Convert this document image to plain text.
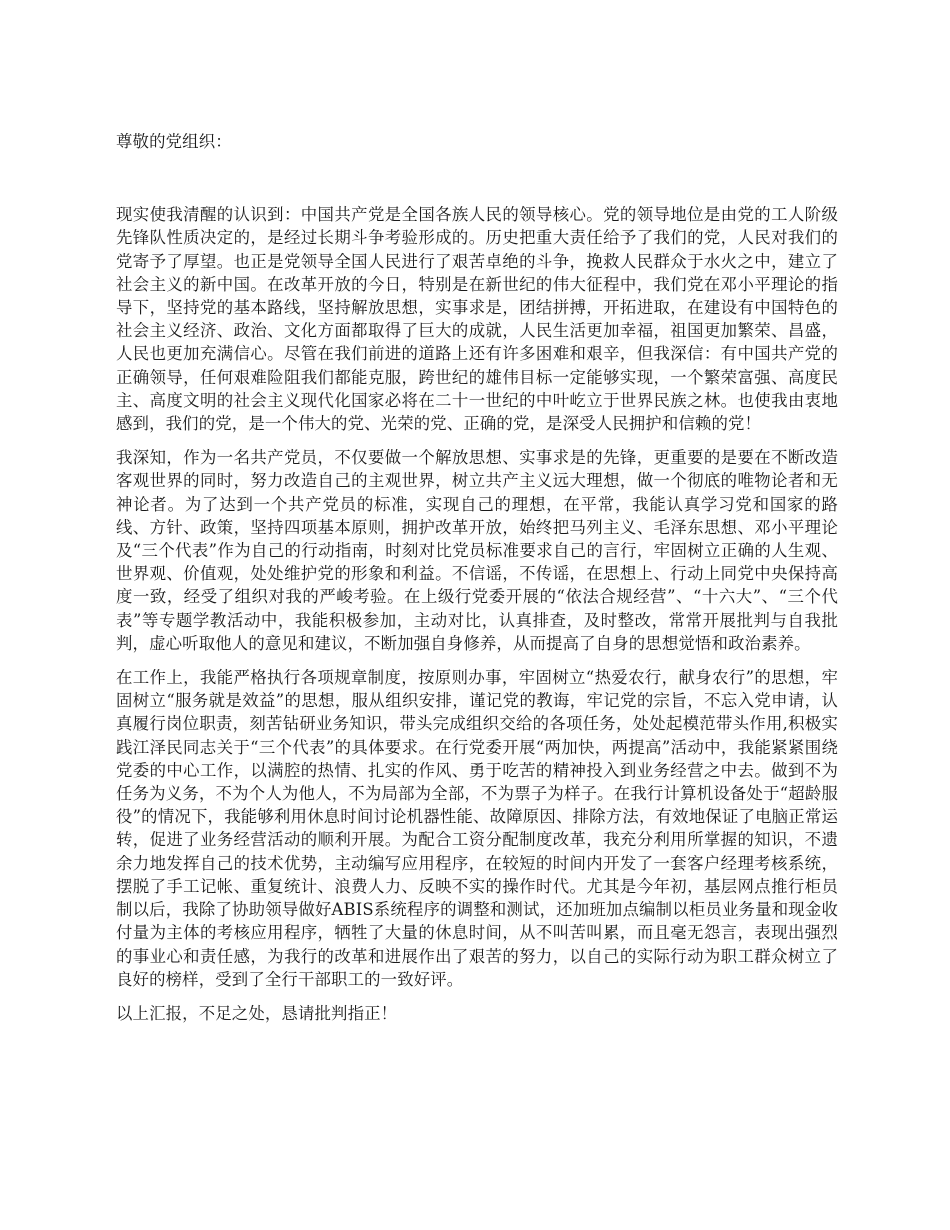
尊敬的党组织：

现实使我清醒的认识到：中国共产党是全国各族人民的领导核心。党的领导地位是由党的工人阶级先锋队性质决定的，是经过长期斗争考验形成的。历史把重大责任给予了我们的党，人民对我们的党寄予了厚望。也正是党领导全国人民进行了艰苦卓绝的斗争，挽救人民群众于水火之中，建立了社会主义的新中国。在改革开放的今日，特别是在新世纪的伟大征程中，我们党在邓小平理论的指导下，坚持党的基本路线，坚持解放思想，实事求是，团结拼搏，开拓进取，在建设有中国特色的社会主义经济、政治、文化方面都取得了巨大的成就，人民生活更加幸福，祖国更加繁荣、昌盛，人民也更加充满信心。尽管在我们前进的道路上还有许多困难和艰辛，但我深信：有中国共产党的正确领导，任何艰难险阻我们都能克服，跨世纪的雄伟目标一定能够实现，一个繁荣富强、高度民主、高度文明的社会主义现代化国家必将在二十一世纪的中叶屹立于世界民族之林。也使我由衷地感到，我们的党，是一个伟大的党、光荣的党、正确的党，是深受人民拥护和信赖的党！

我深知，作为一名共产党员，不仅要做一个解放思想、实事求是的先锋，更重要的是要在不断改造客观世界的同时，努力改造自己的主观世界，树立共产主义远大理想，做一个彻底的唯物论者和无神论者。为了达到一个共产党员的标准，实现自己的理想，在平常，我能认真学习党和国家的路线、方针、政策，坚持四项基本原则，拥护改革开放，始终把马列主义、毛泽东思想、邓小平理论及“三个代表”作为自己的行动指南，时刻对比党员标准要求自己的言行，牢固树立正确的人生观、世界观、价值观，处处维护党的形象和利益。不信谣，不传谣，在思想上、行动上同党中央保持高度一致，经受了组织对我的严峻考验。在上级行党委开展的“依法合规经营”、“十六大”、“三个代表”等专题学教活动中，我能积极参加，主动对比，认真排查，及时整改，常常开展批判与自我批判，虚心听取他人的意见和建议，不断加强自身修养，从而提高了自身的思想觉悟和政治素养。

在工作上，我能严格执行各项规章制度，按原则办事，牢固树立“热爱农行，献身农行”的思想，牢固树立“服务就是效益”的思想，服从组织安排，谨记党的教诲，牢记党的宗旨，不忘入党申请，认真履行岗位职责，刻苦钻研业务知识，带头完成组织交给的各项任务，处处起模范带头作用,积极实践江泽民同志关于“三个代表”的具体要求。在行党委开展“两加快，两提高”活动中，我能紧紧围绕党委的中心工作，以满腔的热情、扎实的作风、勇于吃苦的精神投入到业务经营之中去。做到不为任务为义务，不为个人为他人，不为局部为全部，不为票子为样子。在我行计算机设备处于“超龄服役”的情况下，我能够利用休息时间讨论机器性能、故障原因、排除方法，有效地保证了电脑正常运转，促进了业务经营活动的顺利开展。为配合工资分配制度改革，我充分利用所掌握的知识，不遗余力地发挥自己的技术优势，主动编写应用程序，在较短的时间内开发了一套客户经理考核系统，摆脱了手工记帐、重复统计、浪费人力、反映不实的操作时代。尤其是今年初，基层网点推行柜员制以后，我除了协助领导做好ABIS系统程序的调整和测试，还加班加点编制以柜员业务量和现金收付量为主体的考核应用程序，牺牲了大量的休息时间，从不叫苦叫累，而且毫无怨言，表现出强烈的事业心和责任感，为我行的改革和进展作出了艰苦的努力，以自己的实际行动为职工群众树立了良好的榜样，受到了全行干部职工的一致好评。

以上汇报，不足之处，恳请批判指正！
